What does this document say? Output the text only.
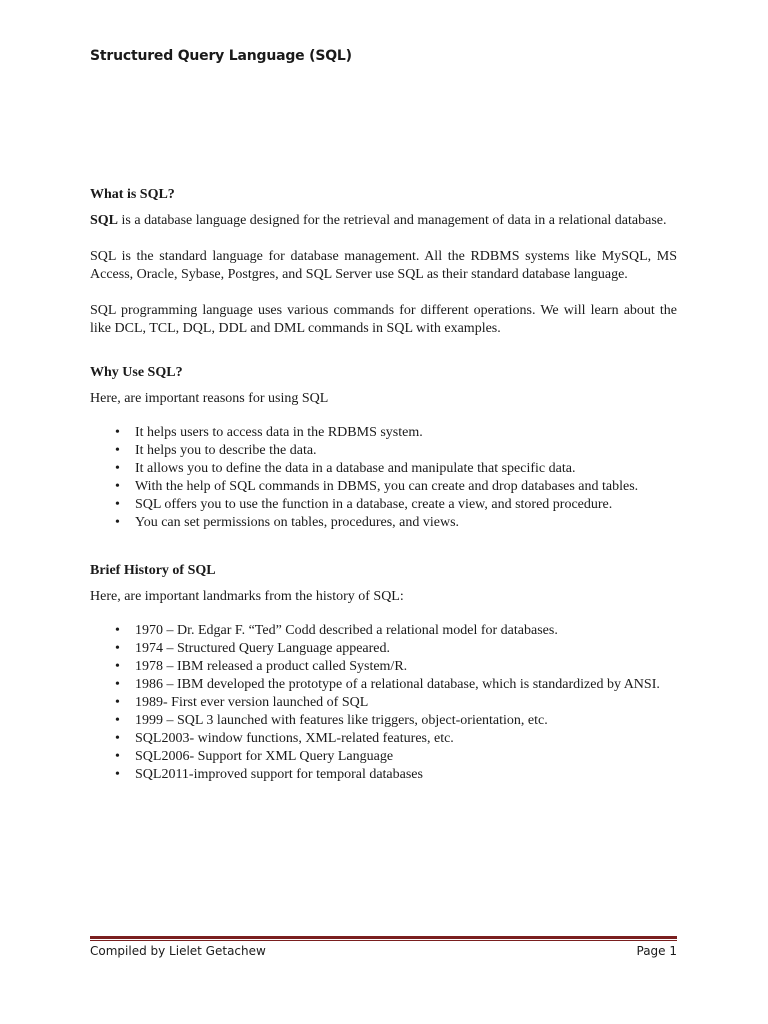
Structured Query Language (SQL)
What is SQL?

SQL is a database language designed for the retrieval and management of data in a relational database.

SQL is the standard language for database management. All the RDBMS systems like MySQL, MS Access, Oracle, Sybase, Postgres, and SQL Server use SQL as their standard database language.

SQL programming language uses various commands for different operations. We will learn about the like DCL, TCL, DQL, DDL and DML commands in SQL with examples.

Why Use SQL?

Here, are important reasons for using SQL

• It helps users to access data in the RDBMS system.
• It helps you to describe the data.
• It allows you to define the data in a database and manipulate that specific data.
• With the help of SQL commands in DBMS, you can create and drop databases and tables.
• SQL offers you to use the function in a database, create a view, and stored procedure.
• You can set permissions on tables, procedures, and views.
Brief History of SQL

Here, are important landmarks from the history of SQL:

• 1970 – Dr. Edgar F. “Ted” Codd described a relational model for databases.
• 1974 – Structured Query Language appeared.
• 1978 – IBM released a product called System/R.
• 1986 – IBM developed the prototype of a relational database, which is standardized by ANSI.
• 1989- First ever version launched of SQL
• 1999 – SQL 3 launched with features like triggers, object-orientation, etc.
• SQL2003- window functions, XML-related features, etc.
• SQL2006- Support for XML Query Language
• SQL2011-improved support for temporal databases
Compiled by Lielet Getachew	Page 1
